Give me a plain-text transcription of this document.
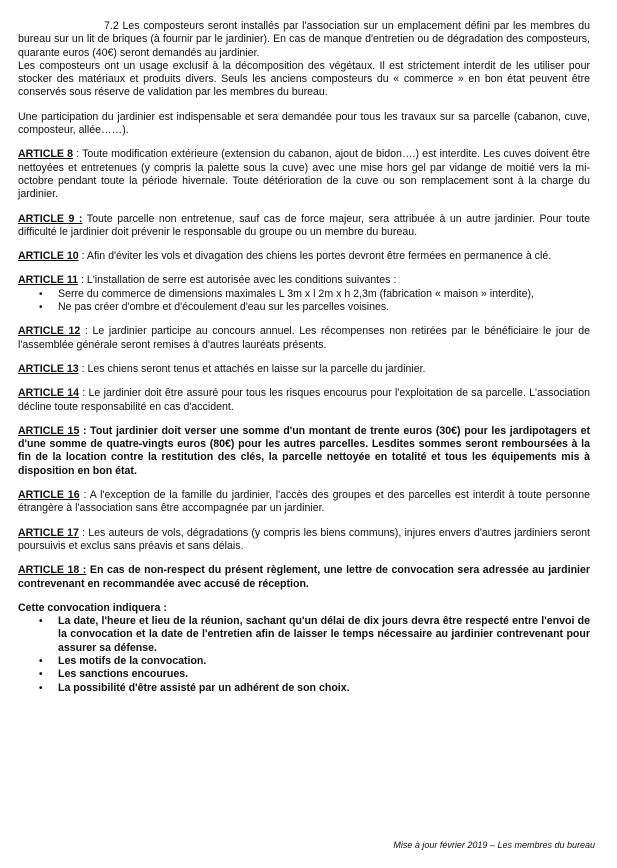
7.2 Les composteurs seront installés par l'association sur un emplacement défini par les membres du bureau sur un lit de briques (à fournir par le jardinier). En cas de manque d'entretien ou de dégradation des composteurs, quarante euros (40€) seront demandés au jardinier.

Les composteurs ont un usage exclusif à la décomposition des végétaux. Il est strictement interdit de les utiliser pour stocker des matériaux et produits divers. Seuls les anciens composteurs du « commerce » en bon état peuvent être conservés sous réserve de validation par les membres du bureau.

Une participation du jardinier est indispensable et sera demandée pour tous les travaux sur sa parcelle (cabanon, cuve, composteur, allée……).

ARTICLE 8 : Toute modification extérieure (extension du cabanon, ajout de bidon….) est interdite. Les cuves doivent être nettoyées et entretenues (y compris la palette sous la cuve) avec une mise hors gel par vidange de moitié vers la mi-octobre pendant toute la période hivernale. Toute détérioration de la cuve ou son remplacement sont à la charge du jardinier.

ARTICLE 9 : Toute parcelle non entretenue, sauf cas de force majeur, sera attribuée à un autre jardinier. Pour toute difficulté le jardinier doit prévenir le responsable du groupe ou un membre du bureau.

ARTICLE 10 : Afin d'éviter les vols et divagation des chiens les portes devront être fermées en permanence à clé.

ARTICLE 11 : L'installation de serre est autorisée avec les conditions suivantes :

• Serre du commerce de dimensions maximales L 3m x l 2m x h 2,3m (fabrication « maison » interdite),
• Ne pas créer d'ombre et d'écoulement d'eau sur les parcelles voisines.

ARTICLE 12 : Le jardinier participe au concours annuel. Les récompenses non retirées par le bénéficiaire le jour de l'assemblée générale seront remises à d'autres lauréats présents.

ARTICLE 13 : Les chiens seront tenus et attachés en laisse sur la parcelle du jardinier.

ARTICLE 14 : Le jardinier doit être assuré pour tous les risques encourus pour l'exploitation de sa parcelle. L'association décline toute responsabilité en cas d'accident.

ARTICLE 15 : Tout jardinier doit verser une somme d'un montant de trente euros (30€) pour les jardipotagers et d'une somme de quatre-vingts euros (80€) pour les autres parcelles. Lesdites sommes seront remboursées à la fin de la location contre la restitution des clés, la parcelle nettoyée en totalité et tous les équipements mis à disposition en bon état.

ARTICLE 16 : A l'exception de la famille du jardinier, l'accès des groupes et des parcelles est interdit à toute personne étrangère à l'association sans être accompagnée par un jardinier.

ARTICLE 17 : Les auteurs de vols, dégradations (y compris les biens communs), injures envers d'autres jardiniers seront poursuivis et exclus sans préavis et sans délais.

ARTICLE 18 : En cas de non-respect du présent règlement, une lettre de convocation sera adressée au jardinier contrevenant en recommandée avec accusé de réception.

Cette convocation indiquera :

• La date, l'heure et lieu de la réunion, sachant qu'un délai de dix jours devra être respecté entre l'envoi de la convocation et la date de l'entretien afin de laisser le temps nécessaire au jardinier contrevenant pour assurer sa défense.
• Les motifs de la convocation.
• Les sanctions encourues.
• La possibilité d'être assisté par un adhérent de son choix.
Mise à jour février 2019 – Les membres du bureau
